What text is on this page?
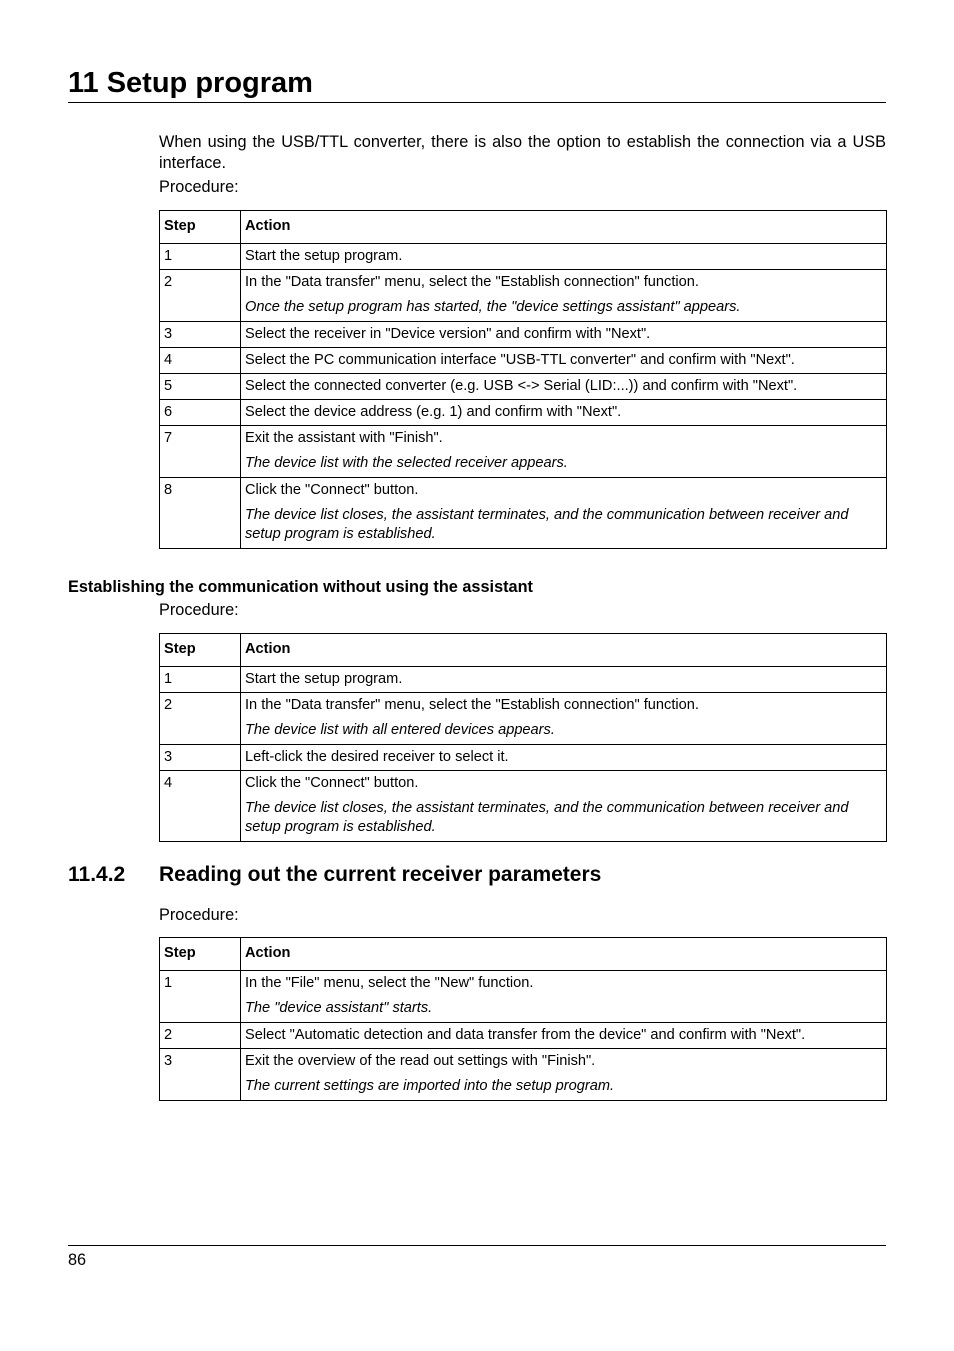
11 Setup program
When using the USB/TTL converter, there is also the option to establish the connection via a USB interface.
Procedure:
Step	Action
1	Start the setup program.

2	In the "Data transfer" menu, select the "Establish connection" function.
Once the setup program has started, the "device settings assistant" appears.

3	Select the receiver in "Device version" and confirm with "Next".

4	Select the PC communication interface "USB-TTL converter" and confirm with "Next".

5	Select the connected converter (e.g. USB <-> Serial (LID:...)) and confirm with "Next".

6	Select the device address (e.g. 1) and confirm with "Next".

7	Exit the assistant with "Finish".
The device list with the selected receiver appears.

8	Click the "Connect" button.
The device list closes, the assistant terminates, and the communication between receiver and setup program is established.
Establishing the communication without using the assistant
Procedure:
Step	Action
1	Start the setup program.

2	In the "Data transfer" menu, select the "Establish connection" function.
The device list with all entered devices appears.

3	Left-click the desired receiver to select it.

4	Click the "Connect" button.
The device list closes, the assistant terminates, and the communication between receiver and setup program is established.
11.4.2 Reading out the current receiver parameters
Procedure:
Step	Action
1	In the "File" menu, select the "New" function.
The "device assistant" starts.

2	Select "Automatic detection and data transfer from the device" and confirm with "Next".

3	Exit the overview of the read out settings with "Finish".
The current settings are imported into the setup program.
86
